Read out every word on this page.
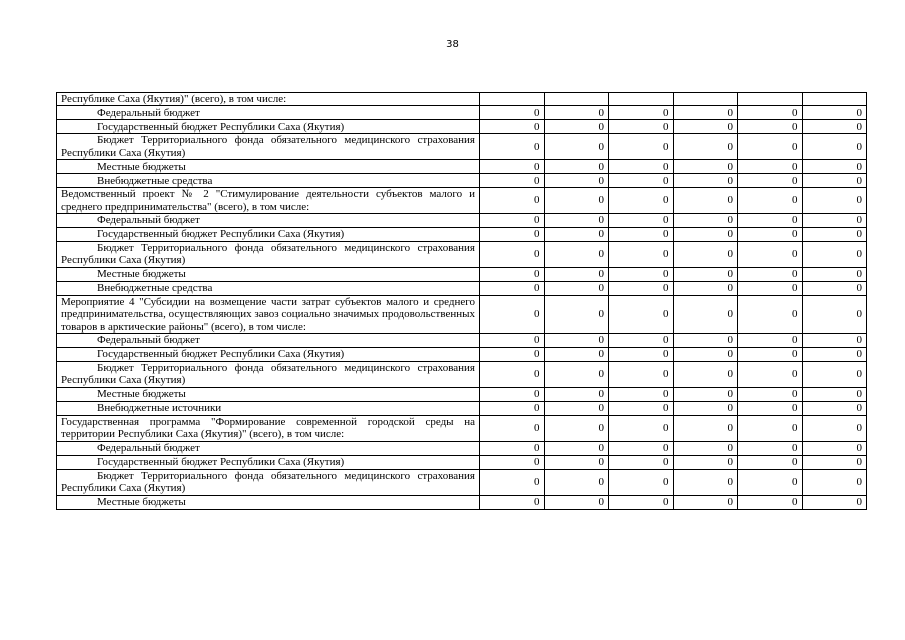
38
Республике Саха (Якутия)" (всего), в том числе:						
Федеральный бюджет	0	0	0	0	0	0
Государственный бюджет Республики Саха (Якутия)	0	0	0	0	0	0
Бюджет Территориального фонда обязательного медицинского страхования Республики Саха (Якутия)	0	0	0	0	0	0
Местные бюджеты	0	0	0	0	0	0
Внебюджетные средства	0	0	0	0	0	0
Ведомственный проект № 2 "Стимулирование деятельности субъектов малого и среднего предпринимательства" (всего), в том числе:	0	0	0	0	0	0
Федеральный бюджет	0	0	0	0	0	0
Государственный бюджет Республики Саха (Якутия)	0	0	0	0	0	0
Бюджет Территориального фонда обязательного медицинского страхования Республики Саха (Якутия)	0	0	0	0	0	0
Местные бюджеты	0	0	0	0	0	0
Внебюджетные средства	0	0	0	0	0	0
Мероприятие 4 "Субсидии на возмещение части затрат субъектов малого и среднего предпринимательства, осуществляющих завоз социально значимых продовольственных товаров в арктические районы" (всего), в том числе:	0	0	0	0	0	0
Федеральный бюджет	0	0	0	0	0	0
Государственный бюджет Республики Саха (Якутия)	0	0	0	0	0	0
Бюджет Территориального фонда обязательного медицинского страхования Республики Саха (Якутия)	0	0	0	0	0	0
Местные бюджеты	0	0	0	0	0	0
Внебюджетные источники	0	0	0	0	0	0
Государственная программа "Формирование современной городской среды на территории Республики Саха (Якутия)" (всего), в том числе:	0	0	0	0	0	0
Федеральный бюджет	0	0	0	0	0	0
Государственный бюджет Республики Саха (Якутия)	0	0	0	0	0	0
Бюджет Территориального фонда обязательного медицинского страхования Республики Саха (Якутия)	0	0	0	0	0	0
Местные бюджеты	0	0	0	0	0	0
